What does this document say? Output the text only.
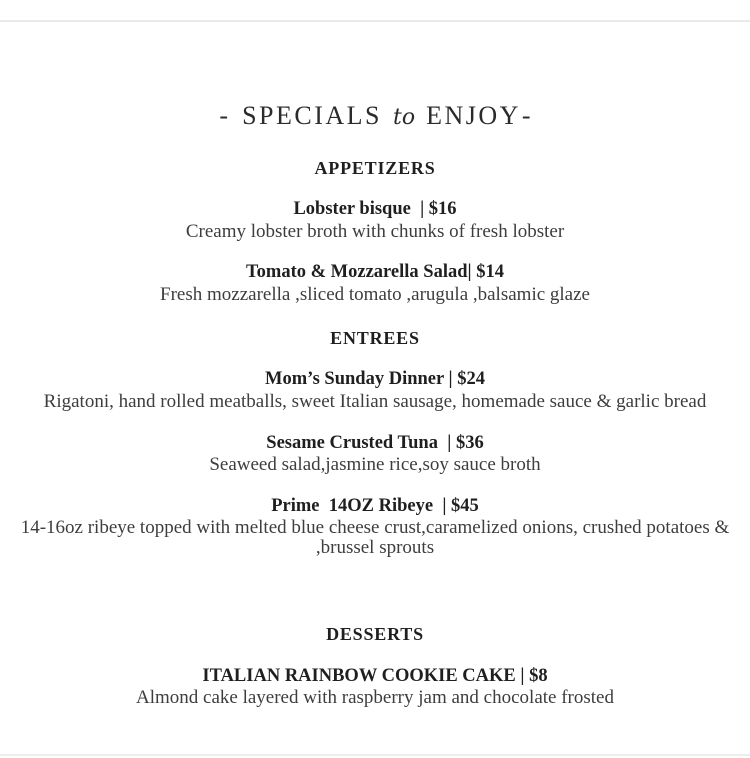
- SPECIALS to ENJOY-
APPETIZERS
Lobster bisque  | $16
Creamy lobster broth with chunks of fresh lobster
Tomato & Mozzarella Salad| $14
Fresh mozzarella ,sliced tomato ,arugula ,balsamic glaze
ENTREES
Mom’s Sunday Dinner | $24
Rigatoni, hand rolled meatballs, sweet Italian sausage, homemade sauce & garlic bread
Sesame Crusted Tuna  | $36
Seaweed salad,jasmine rice,soy sauce broth
Prime  14OZ Ribeye  | $45
14-16oz ribeye topped with melted blue cheese crust,caramelized onions, crushed potatoes & ,brussel sprouts
DESSERTS
ITALIAN RAINBOW COOKIE CAKE | $8
Almond cake layered with raspberry jam and chocolate frosted
